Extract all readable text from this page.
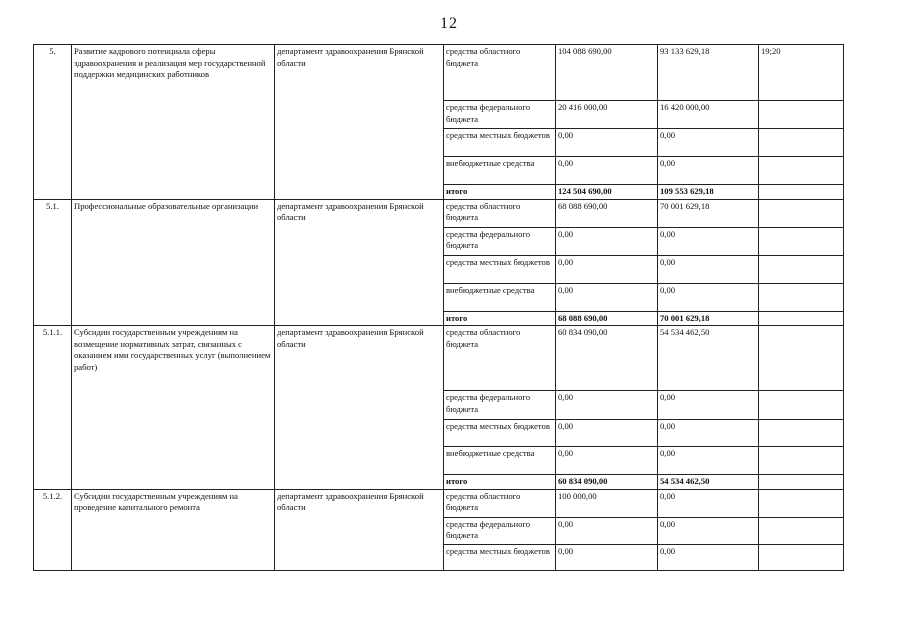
12
5.	Развитие кадрового потенциала сферы здравоохранения и реализация мер государственной поддержки медицинских работников	департамент здравоохранения Брянской области	средства областного бюджета	104 088 690,00	93 133 629,18	19;20
			средства федерального бюджета	20 416 000,00	16 420 000,00	
			средства местных бюджетов	0,00	0,00	
			внебюджетные средства	0,00	0,00	
			итого	124 504 690,00	109 553 629,18	
5.1.	Профессиональные образовательные организации	департамент здравоохранения Брянской области	средства областного бюджета	68 088 690,00	70 001 629,18	
			средства федерального бюджета	0,00	0,00	
			средства местных бюджетов	0,00	0,00	
			внебюджетные средства	0,00	0,00	
			итого	68 088 690,00	70 001 629,18	
5.1.1.	Субсидии государственным учреждениям на возмещение нормативных затрат, связанных с оказанием ими государственных услуг (выполнением работ)	департамент здравоохранения Брянской области	средства областного бюджета	60 834 090,00	54 534 462,50	
			средства федерального бюджета	0,00	0,00	
			средства местных бюджетов	0,00	0,00	
			внебюджетные средства	0,00	0,00	
			итого	60 834 090,00	54 534 462,50	
5.1.2.	Субсидии государственным учреждениям на проведение капитального ремонта	департамент здравоохранения Брянской области	средства областного бюджета	100 000,00	0,00	
			средства федерального бюджета	0,00	0,00	
			средства местных бюджетов	0,00	0,00	
